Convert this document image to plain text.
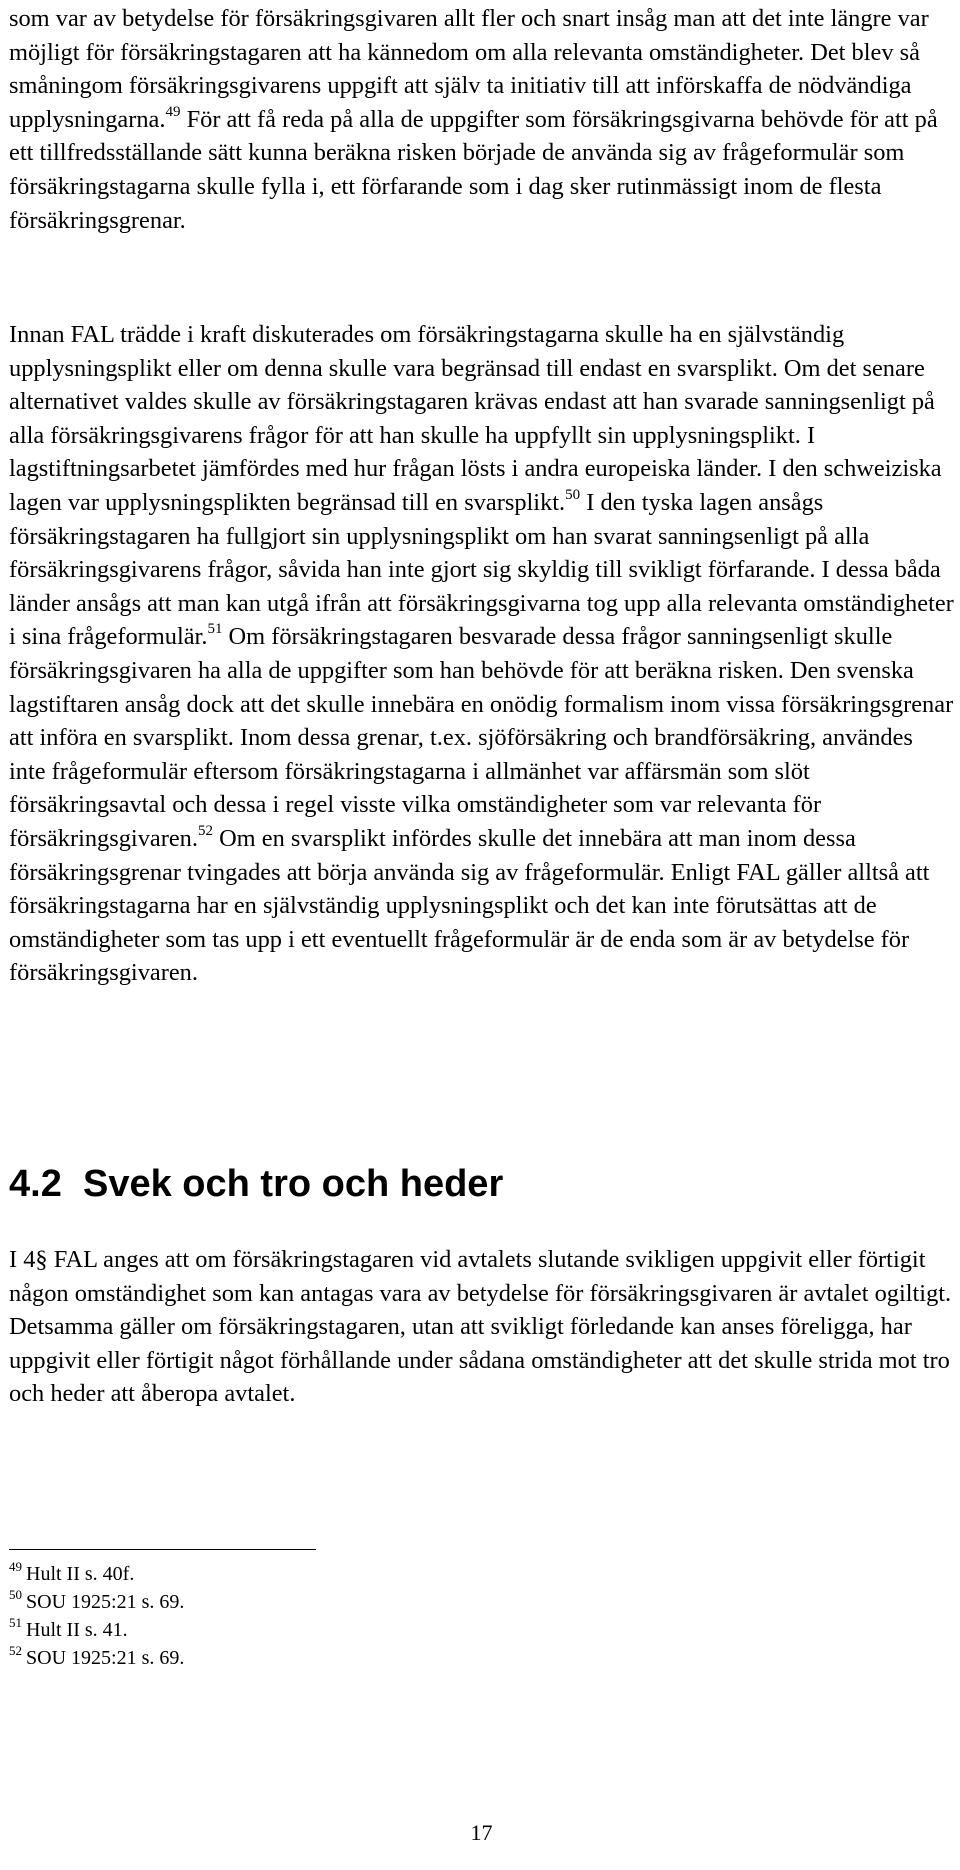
som var av betydelse för försäkringsgivaren allt fler och snart insåg man att det inte längre var möjligt för försäkringstagaren att ha kännedom om alla relevanta omständigheter. Det blev så småningom försäkringsgivarens uppgift att själv ta initiativ till att införskaffa de nödvändiga upplysningarna.$^{49}$ För att få reda på alla de uppgifter som försäkringsgivarna behövde för att på ett tillfredsställande sätt kunna beräkna risken började de använda sig av frågeformulär som försäkringstagarna skulle fylla i, ett förfarande som i dag sker rutinmässigt inom de flesta försäkringsgrenar.

Innan FAL trädde i kraft diskuterades om försäkringstagarna skulle ha en självständig upplysningsplikt eller om denna skulle vara begränsad till endast en svarsplikt. Om det senare alternativet valdes skulle av försäkringstagaren krävas endast att han svarade sanningsenligt på alla försäkringsgivarens frågor för att han skulle ha uppfyllt sin upplysningsplikt. I lagstiftningsarbetet jämfördes med hur frågan lösts i andra europeiska länder. I den schweiziska lagen var upplysningsplikten begränsad till en svarsplikt.$^{50}$ I den tyska lagen ansågs försäkringstagaren ha fullgjort sin upplysningsplikt om han svarat sanningsenligt på alla försäkringsgivarens frågor, såvida han inte gjort sig skyldig till svikligt förfarande. I dessa båda länder ansågs att man kan utgå ifrån att försäkringsgivarna tog upp alla relevanta omständigheter i sina frågeformulär.$^{51}$ Om försäkringstagaren besvarade dessa frågor sanningsenligt skulle försäkringsgivaren ha alla de uppgifter som han behövde för att beräkna risken. Den svenska lagstiftaren ansåg dock att det skulle innebära en onödig formalism inom vissa försäkringsgrenar att införa en svarsplikt. Inom dessa grenar, t.ex. sjöförsäkring och brandförsäkring, användes inte frågeformulär eftersom försäkringstagarna i allmänhet var affärsmän som slöt försäkringsavtal och dessa i regel visste vilka omständigheter som var relevanta för försäkringsgivaren.$^{52}$ Om en svarsplikt infördes skulle det innebära att man inom dessa försäkringsgrenar tvingades att börja använda sig av frågeformulär. Enligt FAL gäller alltså att försäkringstagarna har en självständig upplysningsplikt och det kan inte förutsättas att de omständigheter som tas upp i ett eventuellt frågeformulär är de enda som är av betydelse för försäkringsgivaren.

4.2 Svek och tro och heder

I 4§ FAL anges att om försäkringstagaren vid avtalets slutande svikligen uppgivit eller förtigit någon omständighet som kan antagas vara av betydelse för försäkringsgivaren är avtalet ogiltigt. Detsamma gäller om försäkringstagaren, utan att svikligt förledande kan anses föreligga, har uppgivit eller förtigit något förhållande under sådana omständigheter att det skulle strida mot tro och heder att åberopa avtalet.

$^{49}$ Hult II s. 40f.
$^{50}$ SOU 1925:21 s. 69.
$^{51}$ Hult II s. 41.
$^{52}$ SOU 1925:21 s. 69.
17
